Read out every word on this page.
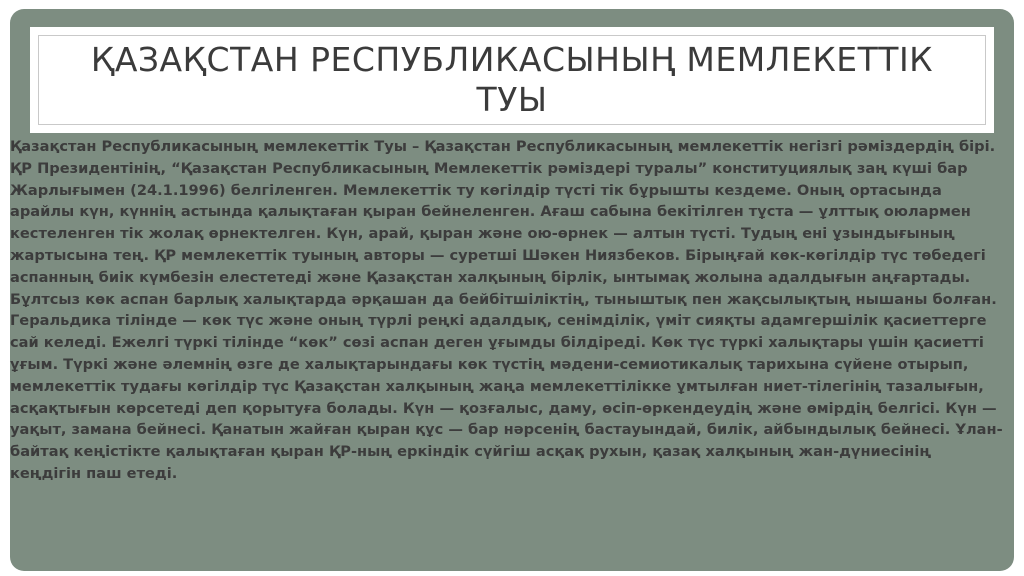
ҚАЗАҚСТАН РЕСПУБЛИКАСЫНЫҢ МЕМЛЕКЕТТІК ТУЫ

Қазақстан Республикасының мемлекеттік Туы – Қазақстан Республикасының мемлекеттік негізгі рәміздердің бірі. ҚР Президентінің, “Қазақстан Республикасының Мемлекеттік рәміздері туралы” конституциялық заң күші бар Жарлығымен (24.1.1996) белгіленген. Мемлекеттік ту көгілдір түсті тік бұрышты кездеме. Оның ортасында арайлы күн, күннің астында қалықтаған қыран бейнеленген. Ағаш сабына бекітілген тұста — ұлттық оюлармен кестеленген тік жолақ өрнектелген. Күн, арай, қыран және ою-өрнек — алтын түсті. Тудың ені ұзындығының жартысына тең. ҚР мемлекеттік туының авторы — суретші Шәкен Ниязбеков. Бірыңғай көк-көгілдір түс төбедегі аспанның биік күмбезін елестетеді және Қазақстан халқының бірлік, ынтымақ жолына адалдығын аңғартады. Бұлтсыз көк аспан барлық халықтарда әрқашан да бейбітшіліктің, тыныштық пен жақсылықтың нышаны болған. Геральдика тілінде — көк түс және оның түрлі реңкі адалдық, сенімділік, үміт сияқты адамгершілік қасиеттерге сай келеді. Ежелгі түркі тілінде “көк” сөзі аспан деген ұғымды білдіреді. Көк түс түркі халықтары үшін қасиетті ұғым. Түркі және әлемнің өзге де халықтарындағы көк түстің мәдени-семиотикалық тарихына сүйене отырып, мемлекеттік тудағы көгілдір түс Қазақстан халқының жаңа мемлекеттілікке ұмтылған ниет-тілегінің тазалығын, асқақтығын көрсетеді деп қорытуға болады. Күн — қозғалыс, даму, өсіп-өркендеудің және өмірдің белгісі. Күн — уақыт, замана бейнесі. Қанатын жайған қыран құс — бар нәрсенің бастауындай, билік, айбындылық бейнесі. Ұлан-байтақ кеңістікте қалықтаған қыран ҚР-ның еркіндік сүйгіш асқақ рухын, қазақ халқының жан-дүниесінің кеңдігін паш етеді.
